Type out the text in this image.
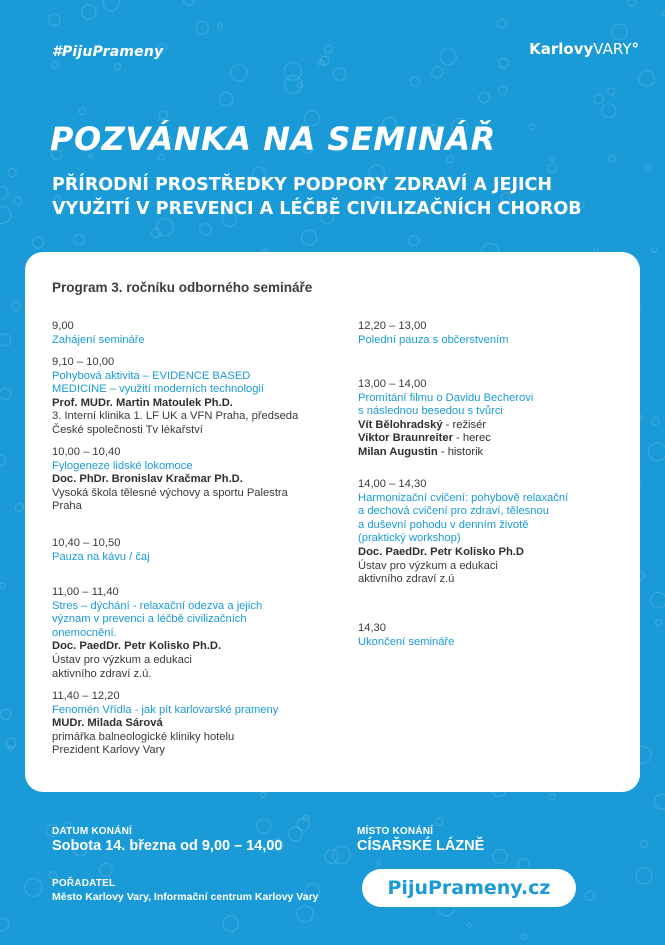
#PijuPrameny	KarlovyVARY°
POZVÁNKA NA SEMINÁŘ
PŘÍRODNÍ PROSTŘEDKY PODPORY ZDRAVÍ A JEJICH
VYUŽITÍ V PREVENCI A LÉČBĚ CIVILIZAČNÍCH CHOROB
Program 3. ročníku odborného semináře
9,00
Zahájení semináře
9,10 – 10,00
Pohybová aktivita – EVIDENCE BASED
MEDICINE – využití moderních technologií
Prof. MUDr. Martin Matoulek Ph.D.
3. Interní klinika 1. LF UK a VFN Praha, předseda
České společnosti Tv lékařství
10,00 – 10,40
Fylogeneze lidské lokomoce
Doc. PhDr. Bronislav Kračmar Ph.D.
Vysoká škola tělesné výchovy a sportu Palestra
Praha
10,40 – 10,50
Pauza na kávu / čaj
11,00 – 11,40
Stres – dýchání - relaxační odezva a jejich
význam v prevenci a léčbě civilizačních
onemocnění.
Doc. PaedDr. Petr Kolisko Ph.D.
Ústav pro výzkum a edukaci
aktivního zdraví z.ú.
11,40 – 12,20
Fenomén Vřídla - jak pít karlovarské prameny
MUDr. Milada Sárová
primářka balneologické kliniky hotelu
Prezident Karlovy Vary
12,20 – 13,00
Polední pauza s občerstvením
13,00 – 14,00
Promítání filmu o Davidu Becherovi
s následnou besedou s tvůrci
Vít Bělohradský - režisér
Viktor Braunreiter - herec
Milan Augustin - historik
14,00 – 14,30
Harmonizační cvičení: pohybově relaxační
a dechová cvičení pro zdraví, tělesnou
a duševní pohodu v denním životě
(praktický workshop)
Doc. PaedDr. Petr Kolisko Ph.D
Ústav pro výzkum a edukaci
aktivního zdraví z.ú
14,30
Ukončení semináře
DATUM KONÁNÍ
Sobota 14. března od 9,00 – 14,00
MÍSTO KONÁNÍ
CÍSAŘSKÉ LÁZNĚ
POŘADATEL
Město Karlovy Vary, Informační centrum Karlovy Vary	PijuPrameny.cz
